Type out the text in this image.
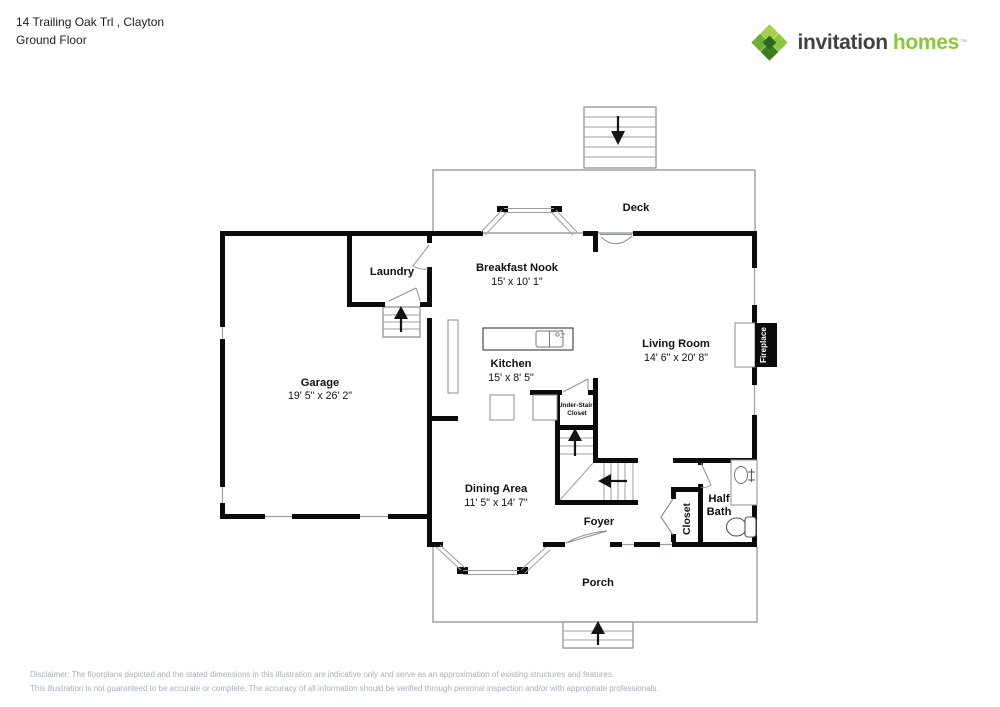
14 Trailing Oak Trl , Clayton
Ground Floor	invitation homes ™
Deck
Breakfast Nook
15' x 10' 1"
Laundry
Garage
19' 5" x 26' 2"
Kitchen
15' x 8' 5"
Living Room
14' 6" x 20' 8"	Fireplace
Under-Stairs
Closet
Dining Area
11' 5" x 14' 7"
Foyer	Closet
Half
Bath
Porch
Disclaimer: The floorplans depicted and the stated dimensions in this illustration are indicative only and serve as an approximation of existing structures and features.
This illustration is not guaranteed to be accurate or complete. The accuracy of all information should be verified through personal inspection and/or with appropriate professionals.
